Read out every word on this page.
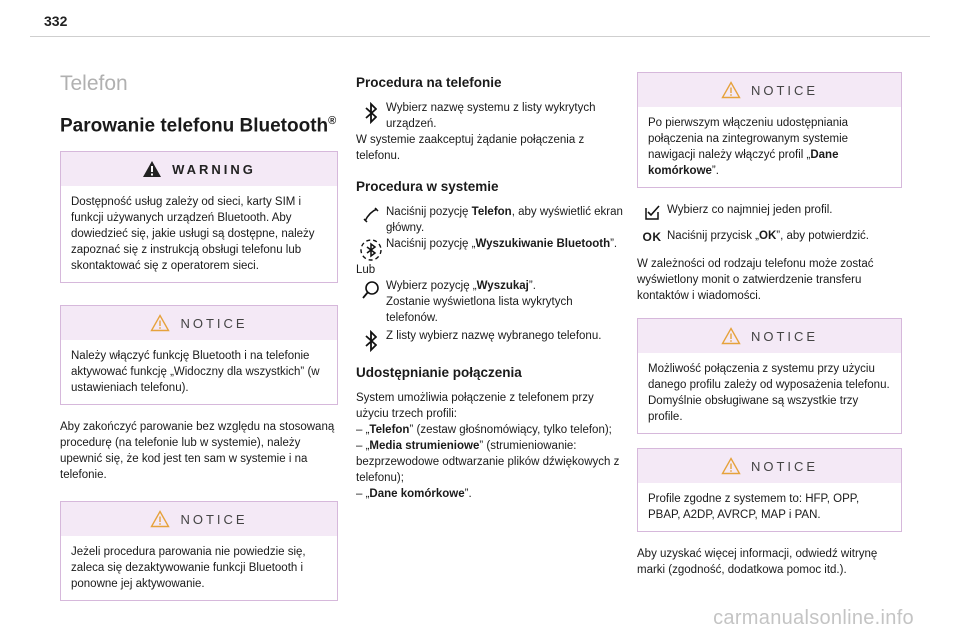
332
Telefon
Parowanie telefonu Bluetooth®
WARNING

Dostępność usług zależy od sieci, karty SIM i funkcji używanych urządzeń Bluetooth. Aby dowiedzieć się, jakie usługi są dostępne, należy zapoznać się z instrukcją obsługi telefonu lub skontaktować się z operatorem sieci.

NOTICE

Należy włączyć funkcję Bluetooth i na telefonie aktywować funkcję „Widoczny dla wszystkich” (w ustawieniach telefonu).

Aby zakończyć parowanie bez względu na stosowaną procedurę (na telefonie lub w systemie), należy upewnić się, że kod jest ten sam w systemie i na telefonie.

NOTICE

Jeżeli procedura parowania nie powiedzie się, zaleca się dezaktywowanie funkcji Bluetooth i ponowne jej aktywowanie.

Procedura na telefonie

Wybierz nazwę systemu z listy wykrytych urządzeń.

W systemie zaakceptuj żądanie połączenia z telefonu.

Procedura w systemie

Naciśnij pozycję Telefon, aby wyświetlić ekran główny.

Naciśnij pozycję „Wyszukiwanie Bluetooth”.

Lub

Wybierz pozycję „Wyszukaj”.
Zostanie wyświetlona lista wykrytych telefonów.

Z listy wybierz nazwę wybranego telefonu.

Udostępnianie połączenia

System umożliwia połączenie z telefonem przy użyciu trzech profili:

– „Telefon” (zestaw głośnomówiący, tylko telefon);

– „Media strumieniowe” (strumieniowanie: bezprzewodowe odtwarzanie plików dźwiękowych z telefonu);

– „Dane komórkowe”.

NOTICE

Po pierwszym włączeniu udostępniania połączenia na zintegrowanym systemie nawigacji należy włączyć profil „Dane komórkowe”.

Wybierz co najmniej jeden profil.

OK Naciśnij przycisk „OK”, aby potwierdzić.

W zależności od rodzaju telefonu może zostać wyświetlony monit o zatwierdzenie transferu kontaktów i wiadomości.

NOTICE

Możliwość połączenia z systemu przy użyciu danego profilu zależy od wyposażenia telefonu.

Domyślnie obsługiwane są wszystkie trzy profile.

NOTICE

Profile zgodne z systemem to: HFP, OPP, PBAP, A2DP, AVRCP, MAP i PAN.

Aby uzyskać więcej informacji, odwiedź witrynę marki (zgodność, dodatkowa pomoc itd.).

carmanualsonline.info
